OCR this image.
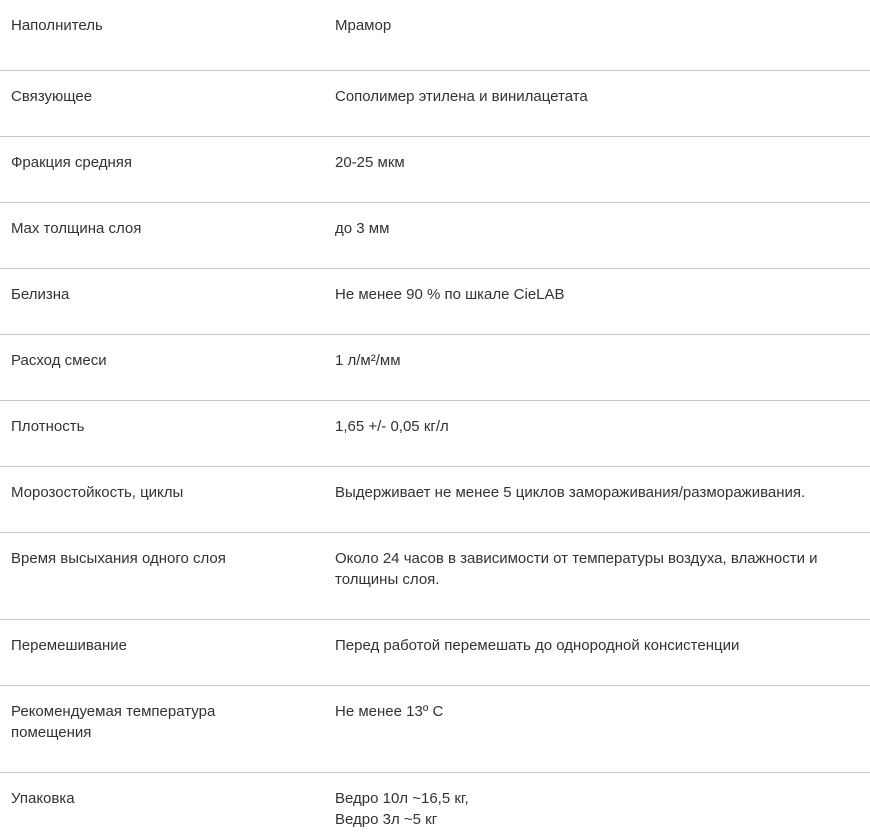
Наполнитель	Мрамор

Связующее	Сополимер этилена и винилацетата

Фракция средняя	20-25 мкм

Max толщина слоя	до 3 мм

Белизна	Не менее 90 % по шкале CieLAB

Расход смеси	1 л/м²/мм

Плотность	1,65 +/- 0,05 кг/л

Морозостойкость, циклы	Выдерживает не менее 5 циклов замораживания/размораживания.

Время высыхания одного слоя	Около 24 часов в зависимости от температуры воздуха, влажности и толщины слоя.

Перемешивание	Перед работой перемешать до однородной консистенции

Рекомендуемая температура помещения	Не менее 13º С

Упаковка	Ведро 10л ~16,5 кг,
Ведро 3л ~5 кг
